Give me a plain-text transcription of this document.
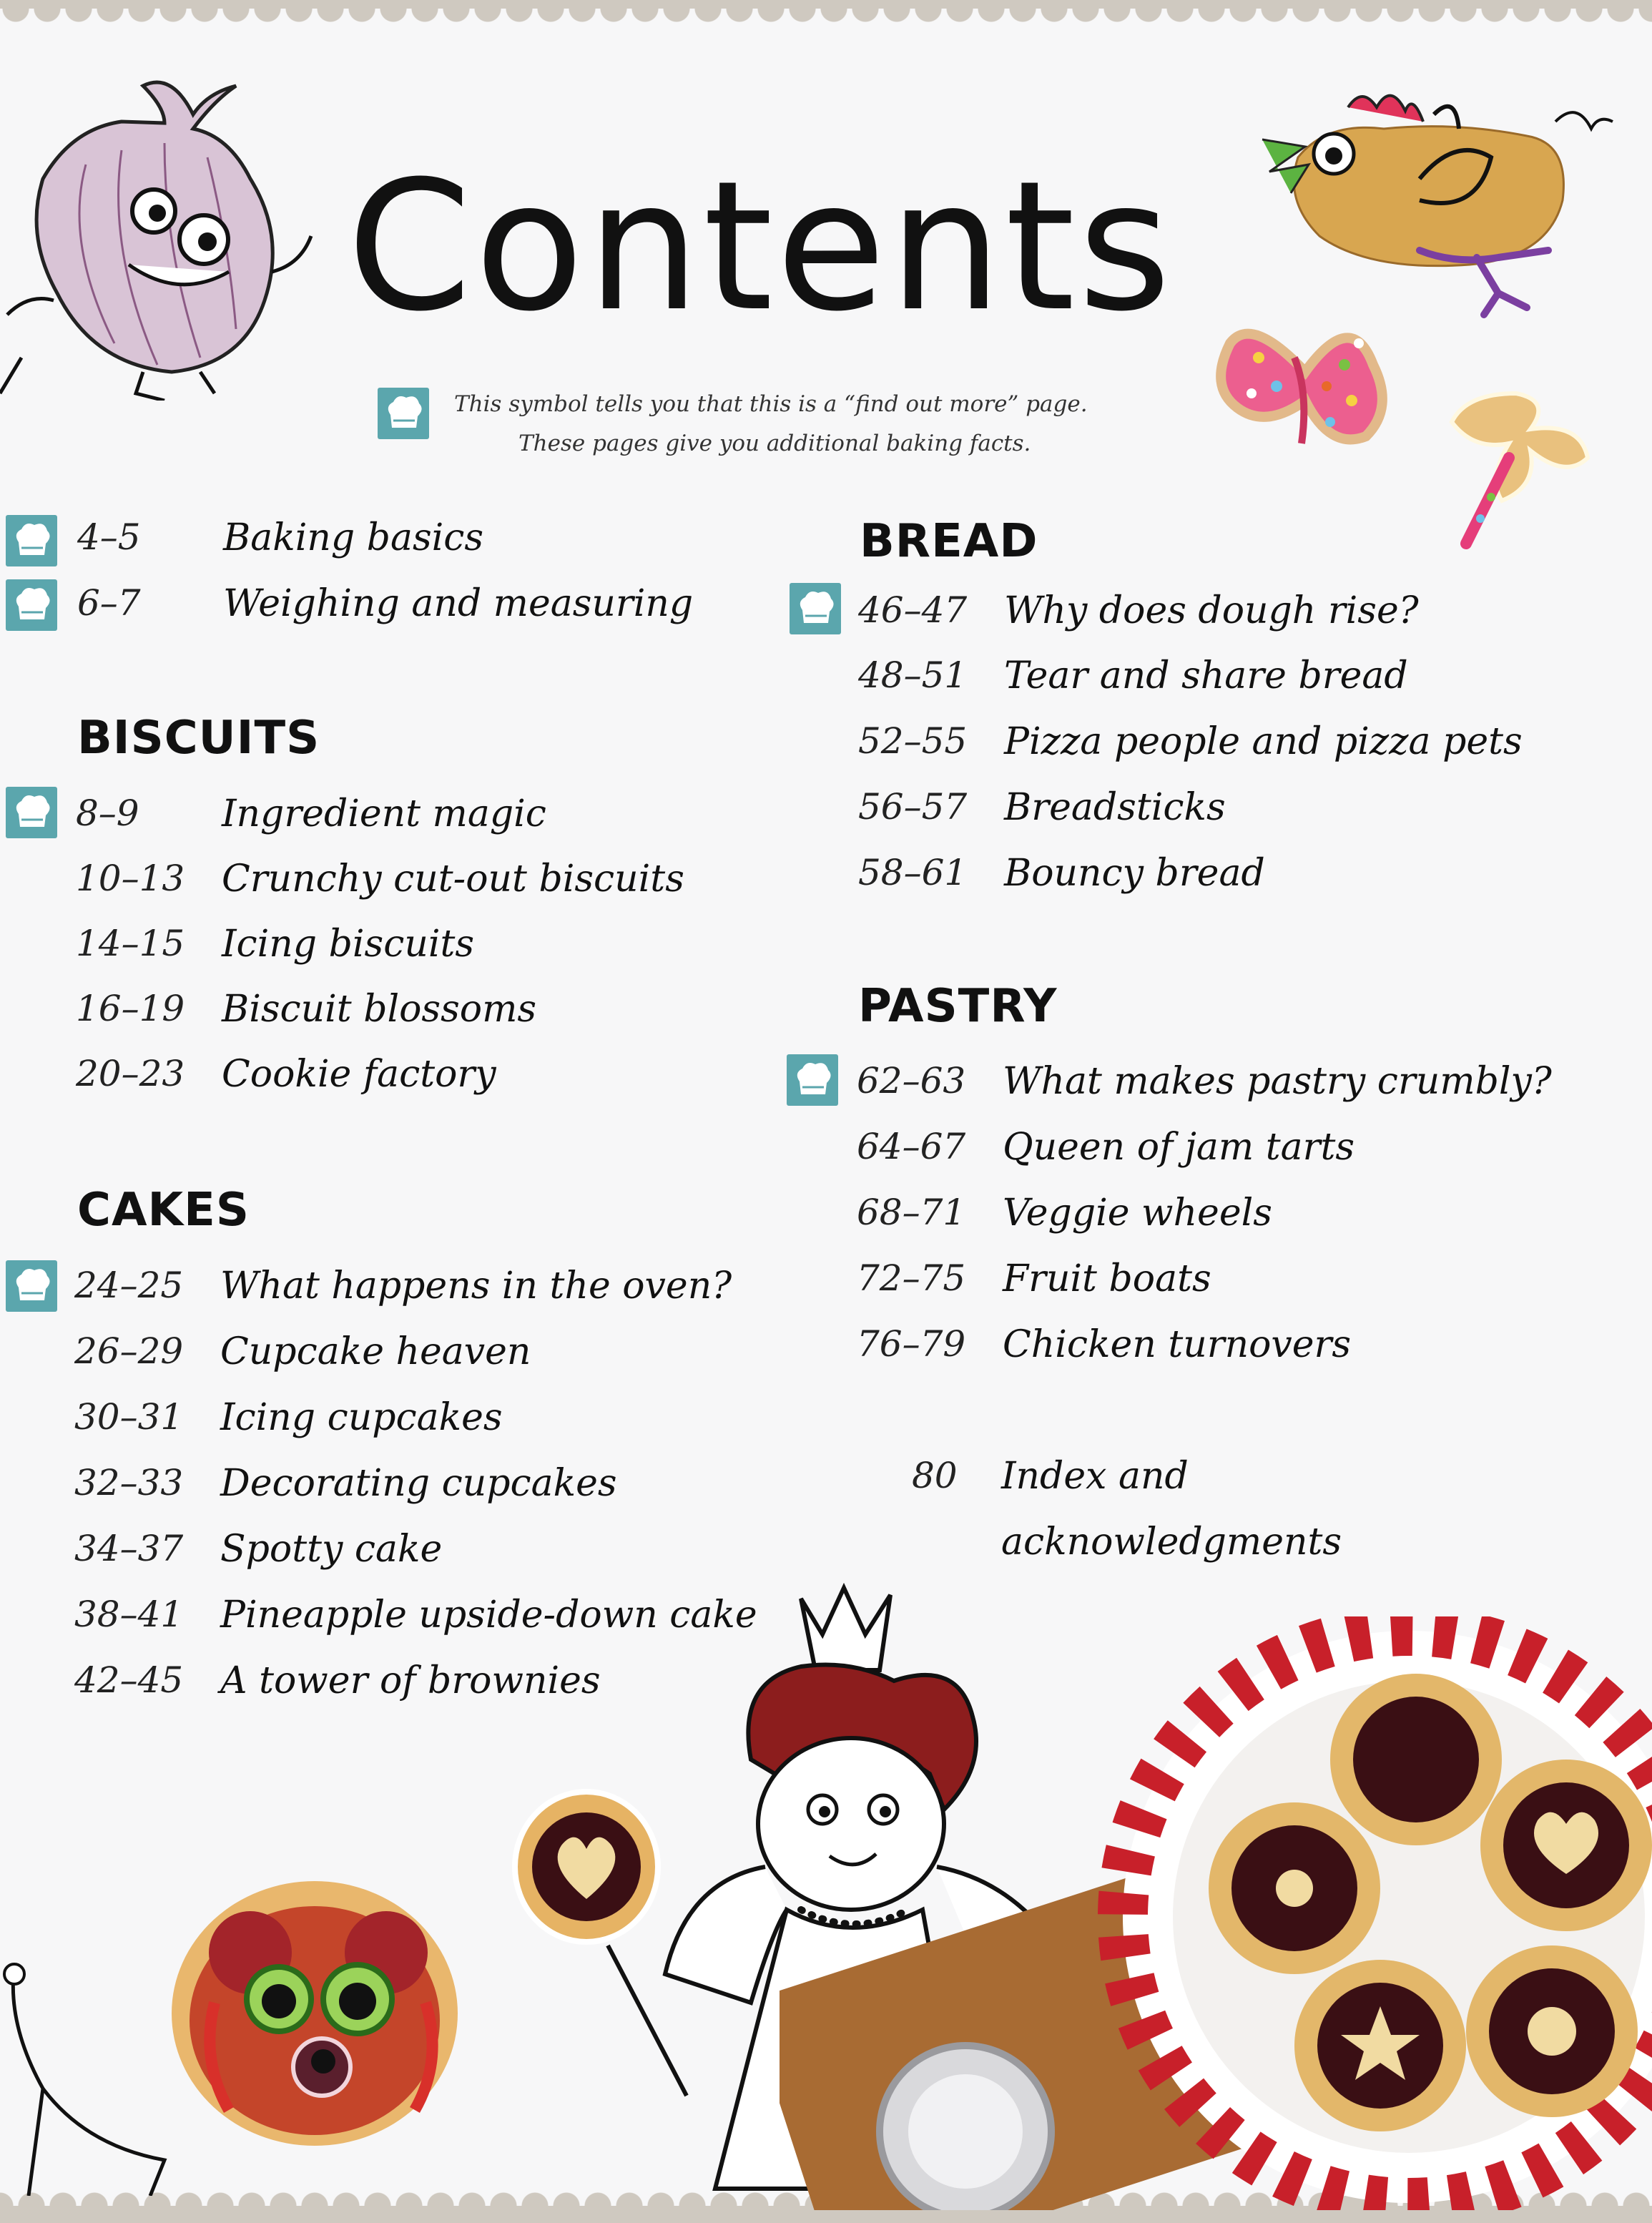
Contents
This symbol tells you that this is a “find out more” page.
These pages give you additional baking facts.
4–5 Baking basics
6–7 Weighing and measuring
BISCUITS
8–9 Ingredient magic
10–13 Crunchy cut-out biscuits
14–15 Icing biscuits
16–19 Biscuit blossoms
20–23 Cookie factory
CAKES
24–25 What happens in the oven?
26–29 Cupcake heaven
30–31 Icing cupcakes
32–33 Decorating cupcakes
34–37 Spotty cake
38–41 Pineapple upside-down cake
42–45 A tower of brownies
BREAD
46–47 Why does dough rise?
48–51 Tear and share bread
52–55 Pizza people and pizza pets
56–57 Breadsticks
58–61 Bouncy bread
PASTRY
62–63 What makes pastry crumbly?
64–67 Queen of jam tarts
68–71 Veggie wheels
72–75 Fruit boats
76–79 Chicken turnovers
80 Index and
acknowledgments
